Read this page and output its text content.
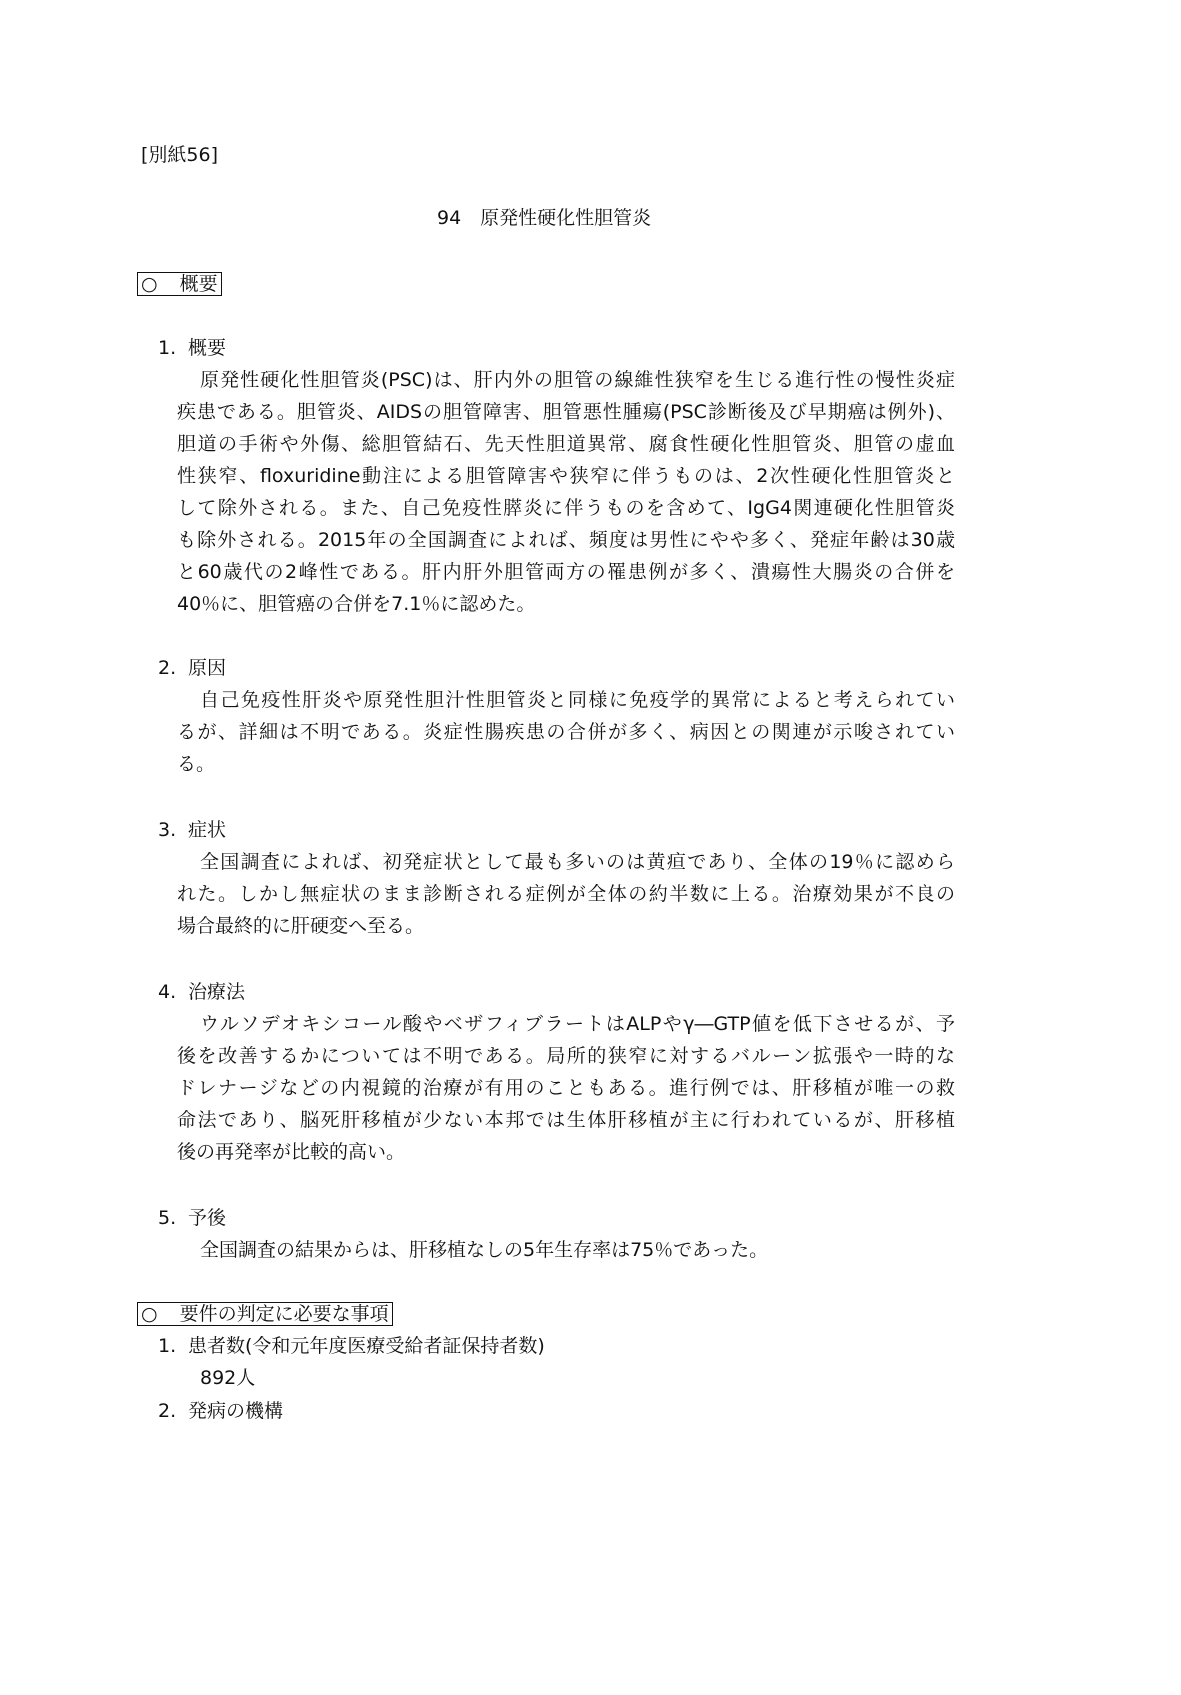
[別紙56]
94　原発性硬化性胆管炎
○ 概要
1. 概要
原発性硬化性胆管炎(PSC)は、肝内外の胆管の線維性狭窄を生じる進行性の慢性炎症
疾患である。胆管炎、AIDSの胆管障害、胆管悪性腫瘍(PSC診断後及び早期癌は例外)、
胆道の手術や外傷、総胆管結石、先天性胆道異常、腐食性硬化性胆管炎、胆管の虚血
性狭窄、floxuridine動注による胆管障害や狭窄に伴うものは、2次性硬化性胆管炎と
して除外される。また、自己免疫性膵炎に伴うものを含めて、IgG4関連硬化性胆管炎
も除外される。2015年の全国調査によれば、頻度は男性にやや多く、発症年齢は30歳
と60歳代の2峰性である。肝内肝外胆管両方の罹患例が多く、潰瘍性大腸炎の合併を
40％に、胆管癌の合併を7.1％に認めた。
2. 原因
自己免疫性肝炎や原発性胆汁性胆管炎と同様に免疫学的異常によると考えられてい
るが、詳細は不明である。炎症性腸疾患の合併が多く、病因との関連が示唆されてい
る。
3. 症状
全国調査によれば、初発症状として最も多いのは黄疸であり、全体の19％に認めら
れた。しかし無症状のまま診断される症例が全体の約半数に上る。治療効果が不良の
場合最終的に肝硬変へ至る。
4. 治療法
ウルソデオキシコール酸やベザフィブラートはALPやγ―GTP値を低下させるが、予
後を改善するかについては不明である。局所的狭窄に対するバルーン拡張や一時的な
ドレナージなどの内視鏡的治療が有用のこともある。進行例では、肝移植が唯一の救
命法であり、脳死肝移植が少ない本邦では生体肝移植が主に行われているが、肝移植
後の再発率が比較的高い。
5. 予後
全国調査の結果からは、肝移植なしの5年生存率は75％であった。
○ 要件の判定に必要な事項
1. 患者数(令和元年度医療受給者証保持者数)
892人
2. 発病の機構
